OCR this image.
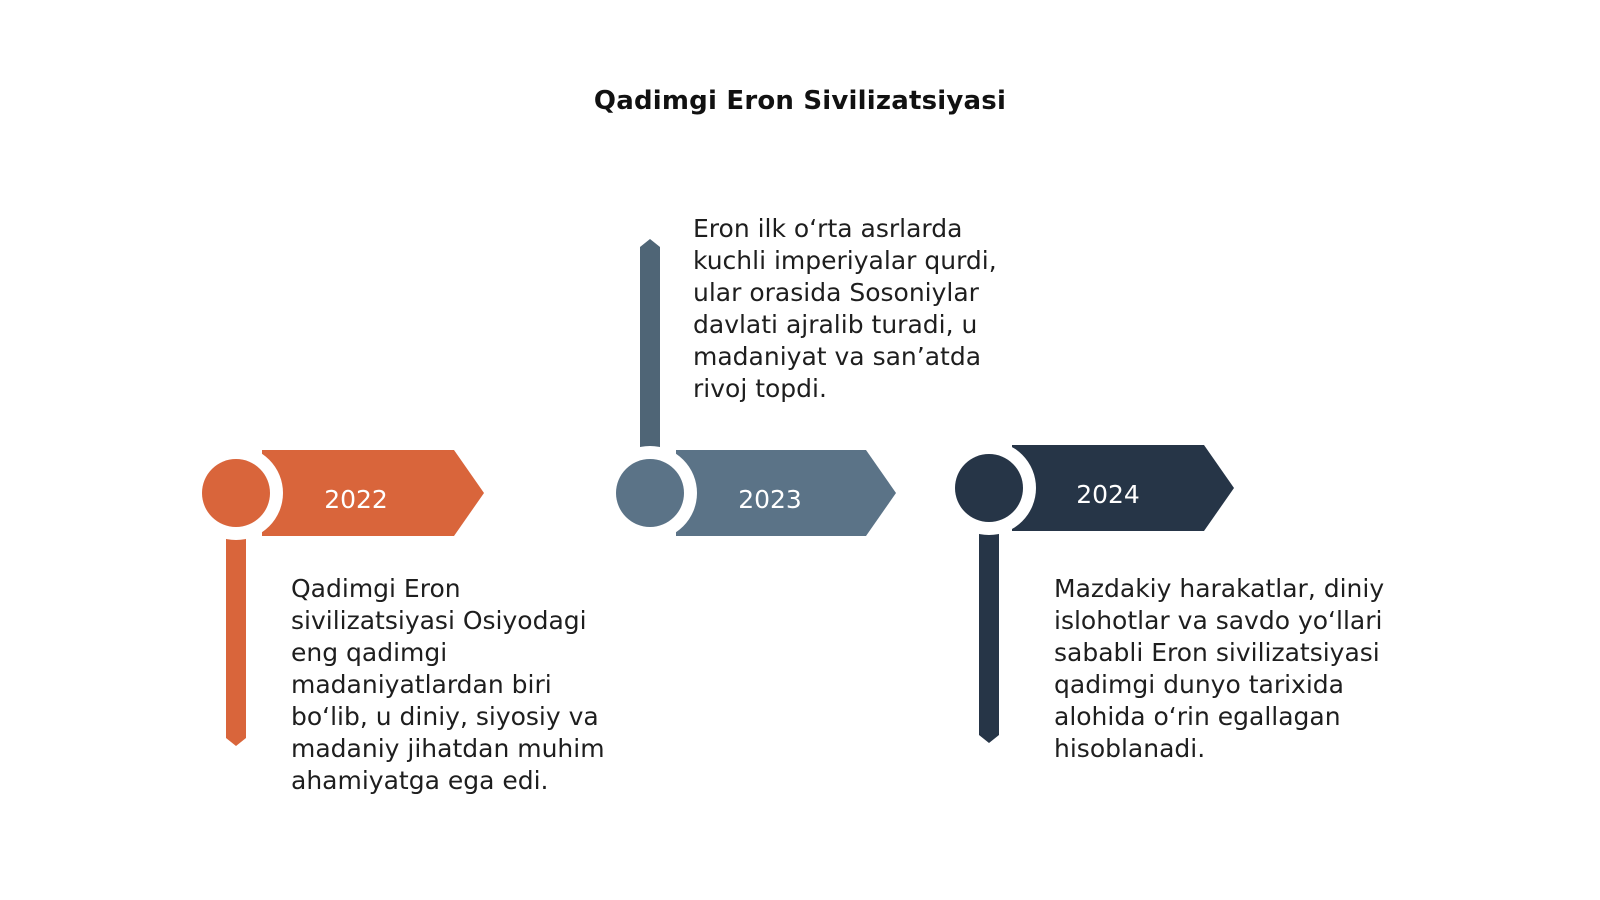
Qadimgi Eron Sivilizatsiyasi
2022	2023	2024
Qadimgi Eron
sivilizatsiyasi Osiyodagi
eng qadimgi
madaniyatlardan biri
bo‘lib, u diniy, siyosiy va
madaniy jihatdan muhim
ahamiyatga ega edi.
Eron ilk o‘rta asrlarda
kuchli imperiyalar qurdi,
ular orasida Sosoniylar
davlati ajralib turadi, u
madaniyat va san’atda
rivoj topdi.
Mazdakiy harakatlar, diniy
islohotlar va savdo yo‘llari
sababli Eron sivilizatsiyasi
qadimgi dunyo tarixida
alohida o‘rin egallagan
hisoblanadi.
